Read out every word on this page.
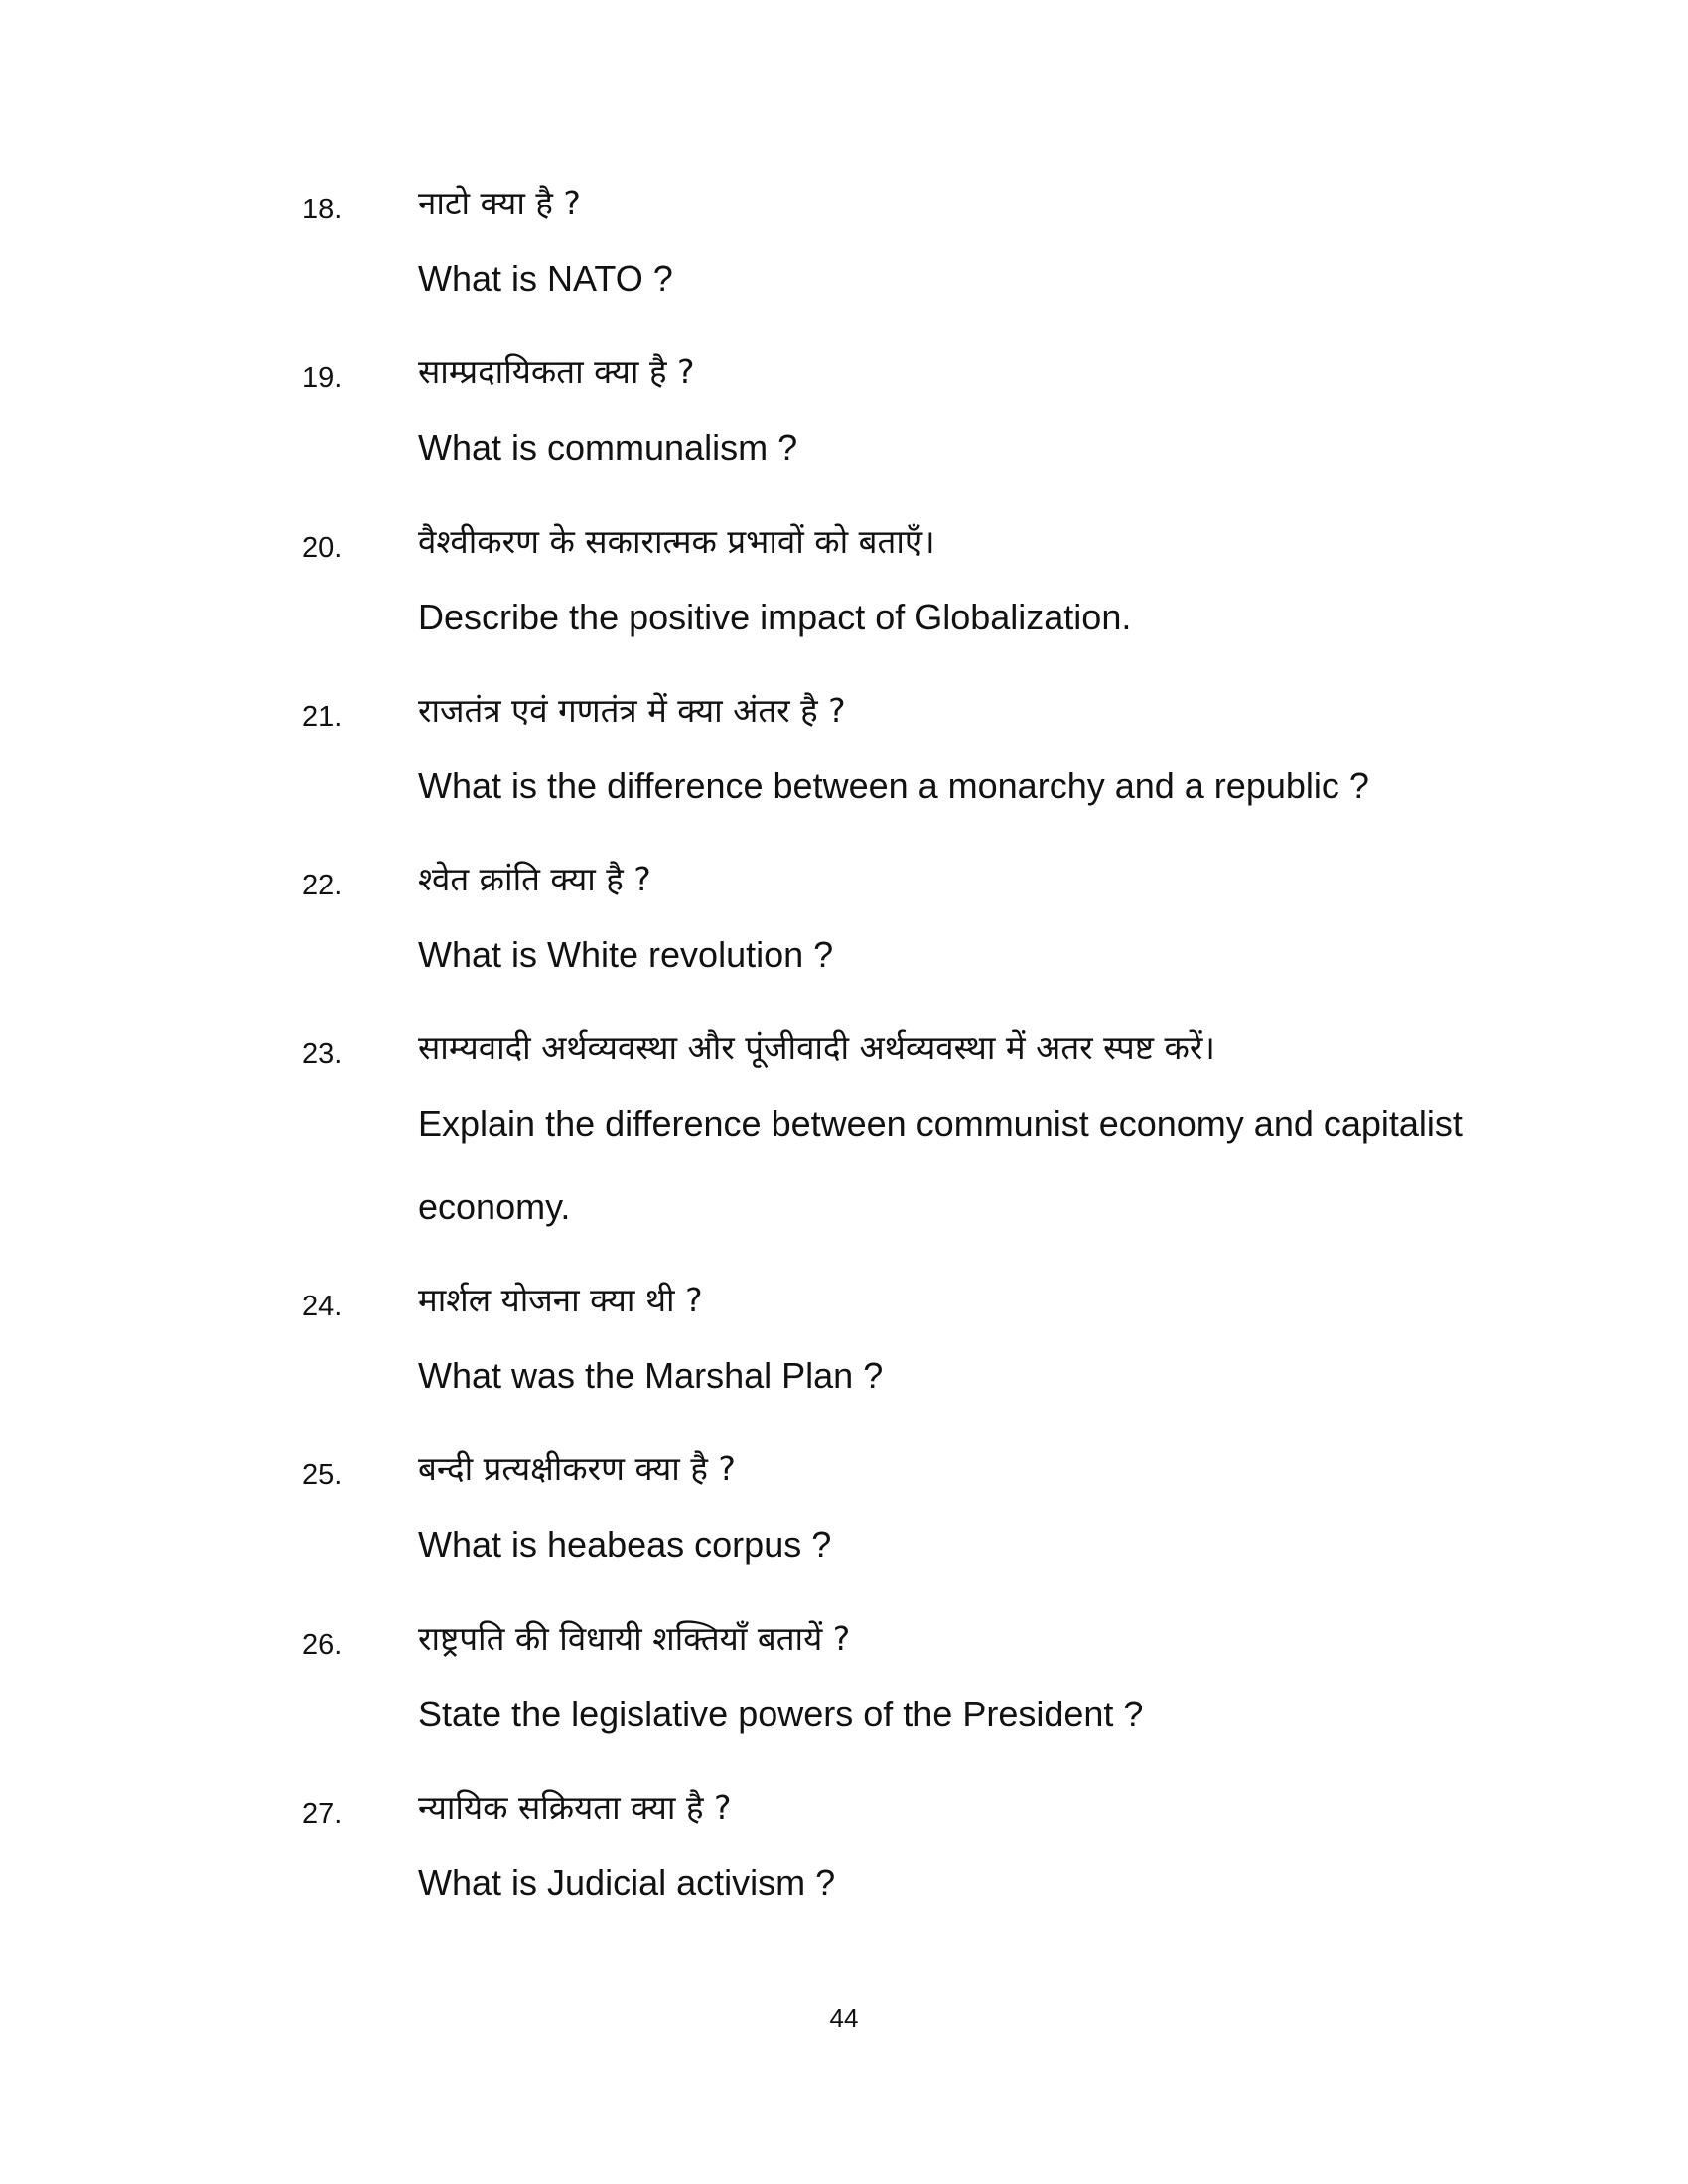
18.	नाटो क्या है ?
What is NATO ?
19.	साम्प्रदायिकता क्या है ?
What is communalism ?
20.	वैश्वीकरण के सकारात्मक प्रभावों को बताएँ।
Describe the positive impact of Globalization.
21.	राजतंत्र एवं गणतंत्र में क्या अंतर है ?
What is the difference between a monarchy and a republic ?
22.	श्वेत क्रांति क्या है ?
What is White revolution ?
23.	साम्यवादी अर्थव्यवस्था और पूंजीवादी अर्थव्यवस्था में अतर स्पष्ट करें।
Explain the difference between communist economy and capitalist economy.
24.	मार्शल योजना क्या थी ?
What was the Marshal Plan ?
25.	बन्दी प्रत्यक्षीकरण क्या है ?
What is heabeas corpus ?
26.	राष्ट्रपति की विधायी शक्तियाँ बतायें ?
State the legislative powers of the President ?
27.	न्यायिक सक्रियता क्या है ?
What is Judicial activism ?
44
